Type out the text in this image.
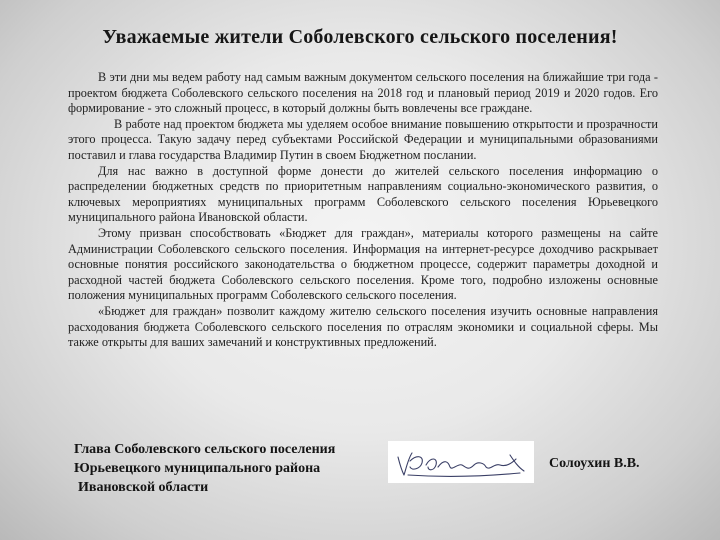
Уважаемые жители Соболевского сельского поселения!

В эти дни мы ведем работу над самым важным документом сельского поселения на ближайшие три года - проектом бюджета Соболевского сельского поселения на 2018 год и плановый период 2019 и 2020 годов. Его формирование - это сложный процесс, в который должны быть вовлечены все граждане.

В работе над проектом бюджета мы уделяем особое внимание повышению открытости и прозрачности этого процесса. Такую задачу перед субъектами Российской Федерации и муниципальными образованиями поставил и глава государства Владимир Путин в своем Бюджетном послании.

Для нас важно в доступной форме донести до жителей сельского поселения информацию о распределении бюджетных средств по приоритетным направлениям социально-экономического развития, о ключевых мероприятиях муниципальных программ Соболевского сельского поселения Юрьевецкого муниципального района Ивановской области.

Этому призван способствовать «Бюджет для граждан», материалы которого размещены на сайте Администрации Соболевского сельского поселения. Информация на интернет-ресурсе доходчиво раскрывает основные понятия российского законодательства о бюджетном процессе, содержит параметры доходной и расходной частей бюджета Соболевского сельского поселения. Кроме того, подробно изложены основные положения муниципальных программ Соболевского сельского поселения.

«Бюджет для граждан» позволит каждому жителю сельского поселения изучить основные направления расходования бюджета Соболевского сельского поселения по отраслям экономики и социальной сферы. Мы также открыты для ваших замечаний и конструктивных предложений.

Глава Соболевского сельского поселения
Юрьевецкого муниципального района
Ивановской области
Солоухин В.В.
